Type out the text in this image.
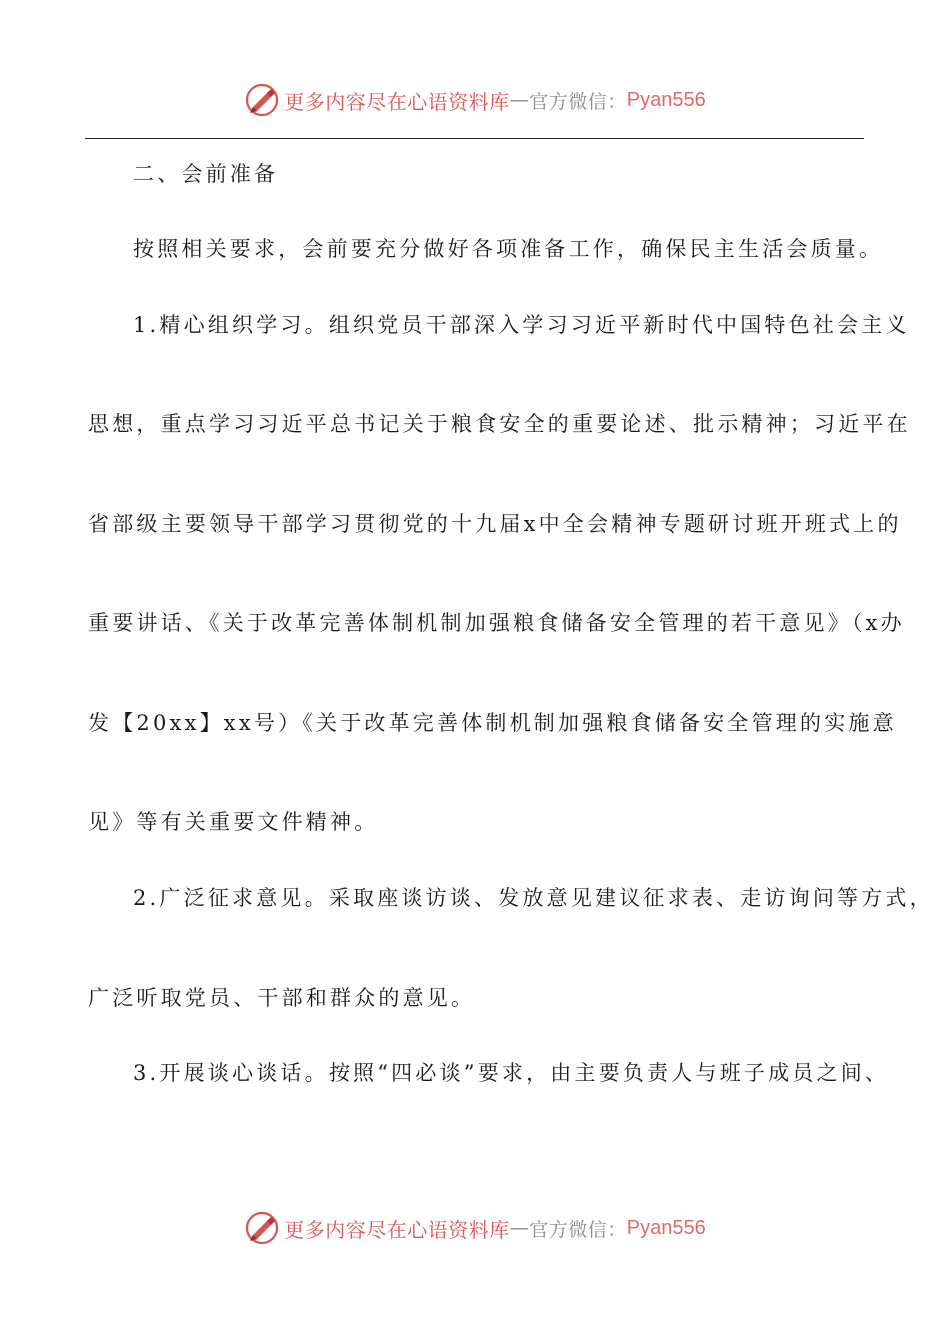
更多内容尽在心语资料库 — 官方微信： Pyan556
二、会前准备
按照相关要求，会前要充分做好各项准备工作，确保民主生活会质量。
1.精心组织学习。组织党员干部深入学习习近平新时代中国特色社会主义
思想，重点学习习近平总书记关于粮食安全的重要论述、批示精神；习近平在
省部级主要领导干部学习贯彻党的十九届x中全会精神专题研讨班开班式上的
重要讲话、《关于改革完善体制机制加强粮食储备安全管理的若干意见》（x办
发【20xx】xx号）《关于改革完善体制机制加强粮食储备安全管理的实施意
见》等有关重要文件精神。
2.广泛征求意见。采取座谈访谈、发放意见建议征求表、走访询问等方式，
广泛听取党员、干部和群众的意见。
3.开展谈心谈话。按照“四必谈”要求，由主要负责人与班子成员之间、
更多内容尽在心语资料库 — 官方微信： Pyan556
